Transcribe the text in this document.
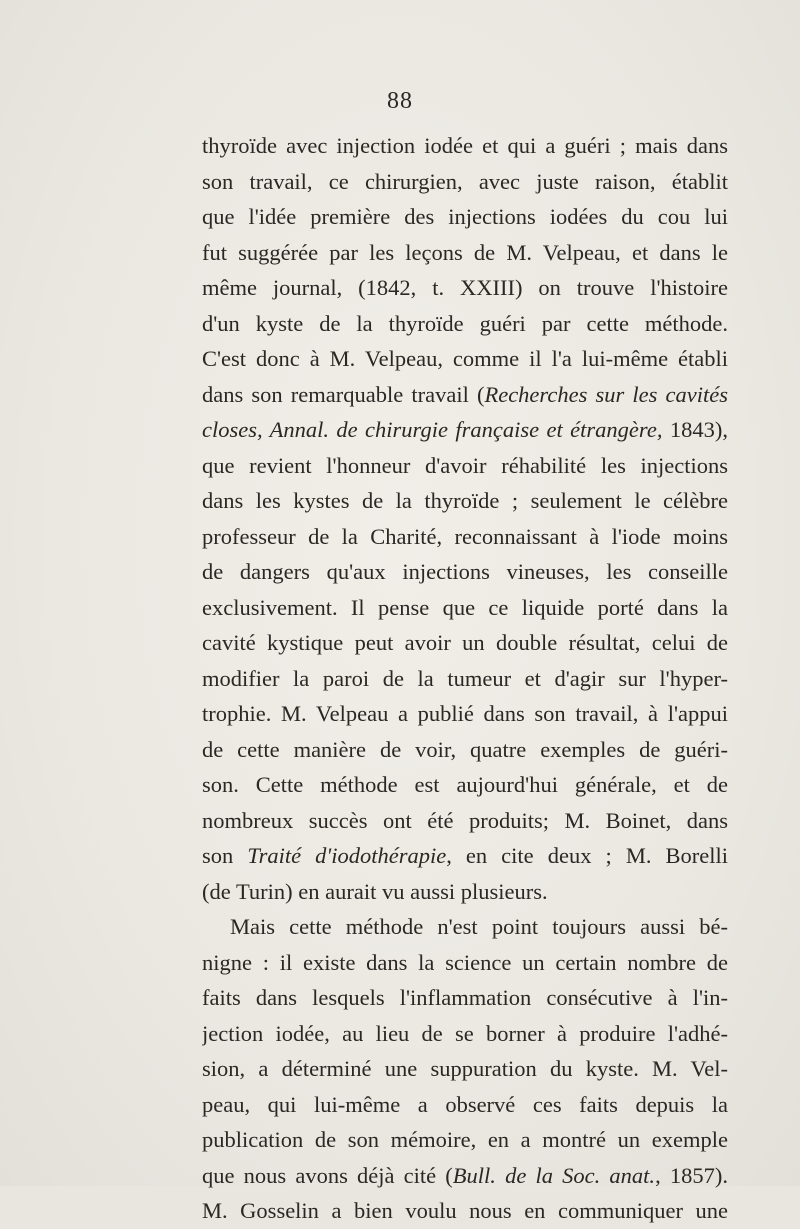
88
thyroïde avec injection iodée et qui a guéri ; mais dans
son travail, ce chirurgien, avec juste raison, établit
que l'idée première des injections iodées du cou lui
fut suggérée par les leçons de M. Velpeau, et dans le
même journal, (1842, t. XXIII) on trouve l'histoire
d'un kyste de la thyroïde guéri par cette méthode.
C'est donc à M. Velpeau, comme il l'a lui-même établi
dans son remarquable travail (Recherches sur les cavités
closes, Annal. de chirurgie française et étrangère, 1843),
que revient l'honneur d'avoir réhabilité les injections
dans les kystes de la thyroïde ; seulement le célèbre
professeur de la Charité, reconnaissant à l'iode moins
de dangers qu'aux injections vineuses, les conseille
exclusivement. Il pense que ce liquide porté dans la
cavité kystique peut avoir un double résultat, celui de
modifier la paroi de la tumeur et d'agir sur l'hyper-
trophie. M. Velpeau a publié dans son travail, à l'appui
de cette manière de voir, quatre exemples de guéri-
son. Cette méthode est aujourd'hui générale, et de
nombreux succès ont été produits; M. Boinet, dans
son Traité d'iodothérapie, en cite deux ; M. Borelli
(de Turin) en aurait vu aussi plusieurs.
Mais cette méthode n'est point toujours aussi bé-
nigne : il existe dans la science un certain nombre de
faits dans lesquels l'inflammation consécutive à l'in-
jection iodée, au lieu de se borner à produire l'adhé-
sion, a déterminé une suppuration du kyste. M. Vel-
peau, qui lui-même a observé ces faits depuis la
publication de son mémoire, en a montré un exemple
que nous avons déjà cité (Bull. de la Soc. anat., 1857).
M. Gosselin a bien voulu nous en communiquer une
